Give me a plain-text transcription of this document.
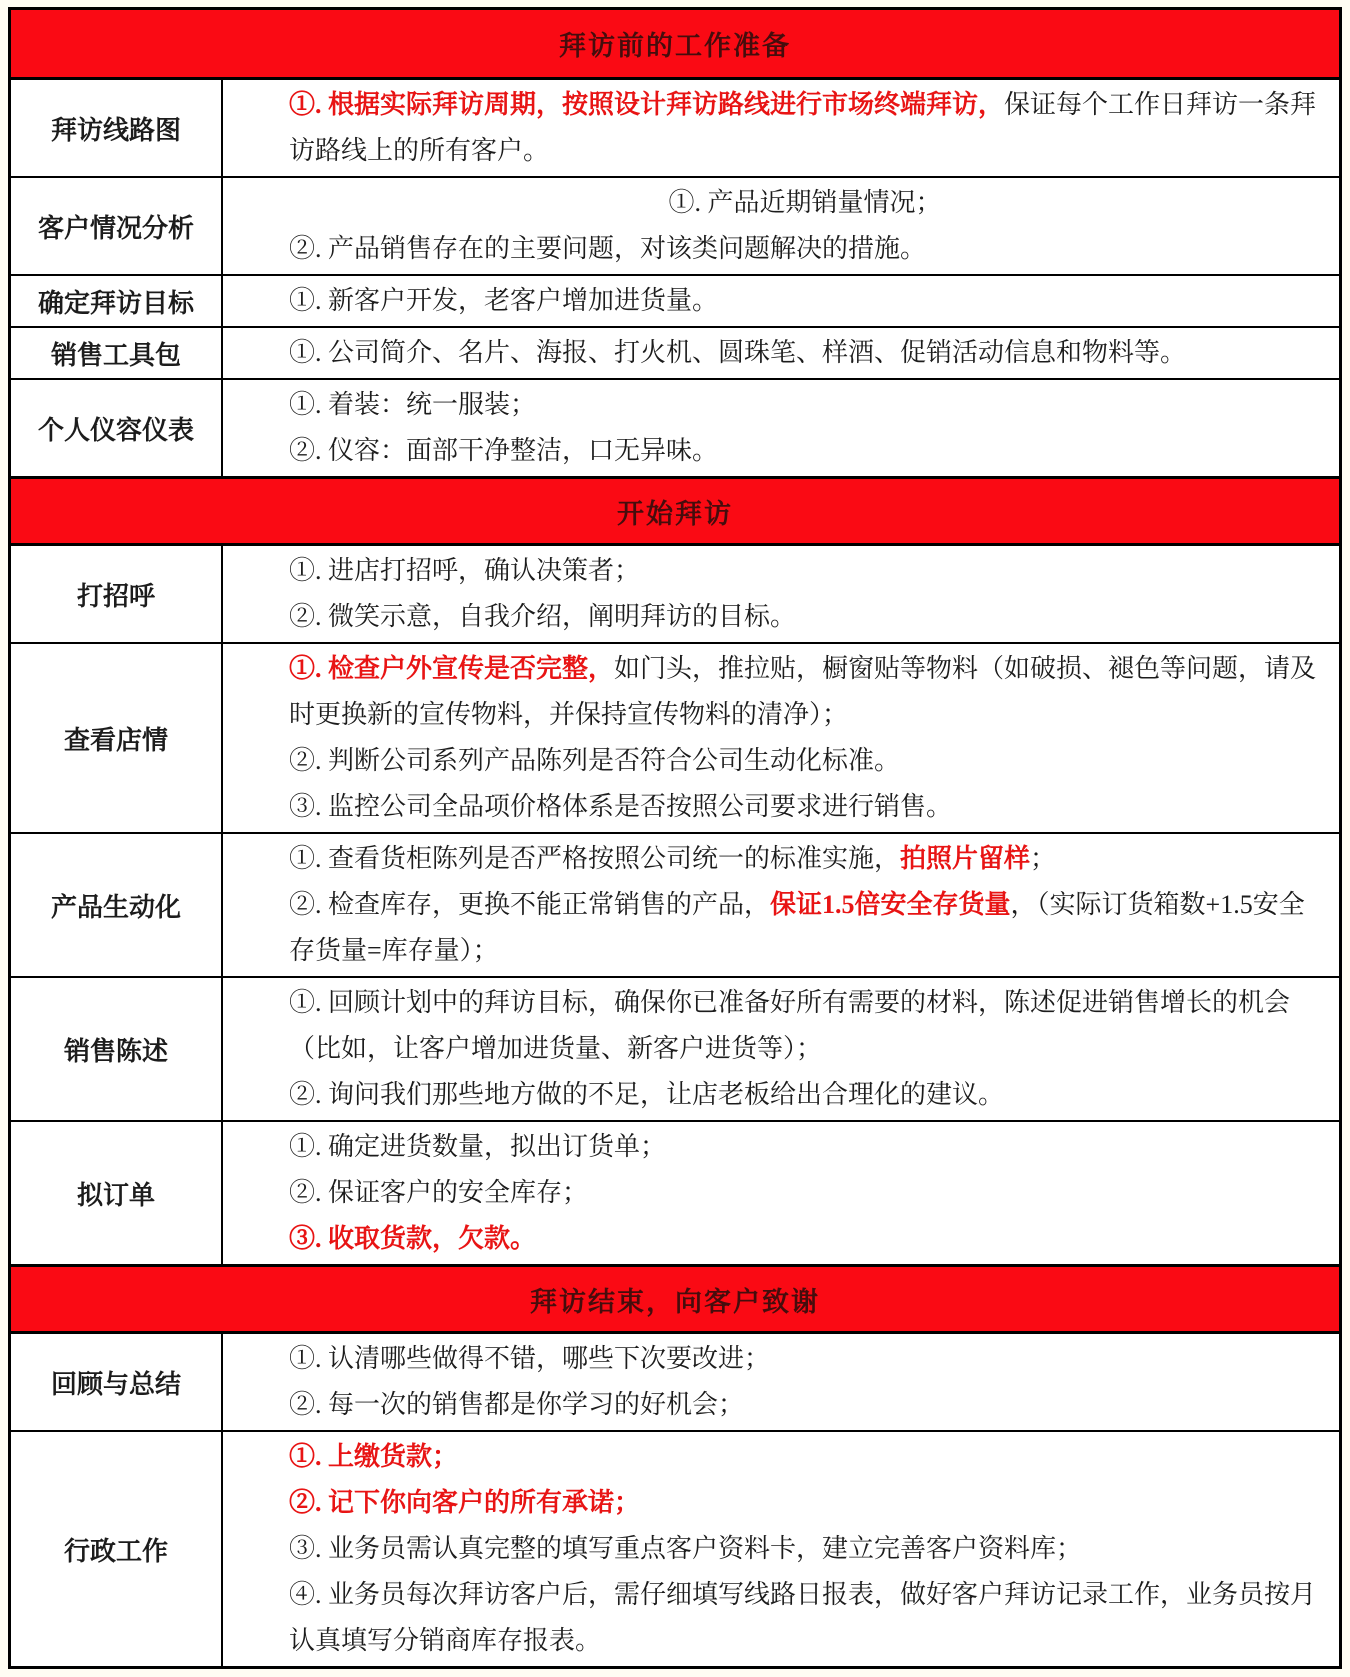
拜访前的工作准备
拜访线路图
①. 根据实际拜访周期，按照设计拜访路线进行市场终端拜访，保证每个工作日拜访一条拜访路线上的所有客户。
客户情况分析
①. 产品近期销量情况；
②. 产品销售存在的主要问题，对该类问题解决的措施。
确定拜访目标	①. 新客户开发，老客户增加进货量。
销售工具包	①. 公司简介、名片、海报、打火机、圆珠笔、样酒、促销活动信息和物料等。
个人仪容仪表
①. 着装：统一服装；
②. 仪容：面部干净整洁，口无异味。
开始拜访
打招呼
①. 进店打招呼，确认决策者；
②. 微笑示意，自我介绍，阐明拜访的目标。
查看店情
①. 检查户外宣传是否完整，如门头，推拉贴，橱窗贴等物料（如破损、褪色等问题，请及时更换新的宣传物料，并保持宣传物料的清净）；
②. 判断公司系列产品陈列是否符合公司生动化标准。
③. 监控公司全品项价格体系是否按照公司要求进行销售。
产品生动化
①. 查看货柜陈列是否严格按照公司统一的标准实施，拍照片留样；
②. 检查库存，更换不能正常销售的产品，保证1.5倍安全存货量，（实际订货箱数+1.5安全存货量=库存量）；
销售陈述
①. 回顾计划中的拜访目标，确保你已准备好所有需要的材料，陈述促进销售增长的机会（比如，让客户增加进货量、新客户进货等）；
②. 询问我们那些地方做的不足，让店老板给出合理化的建议。
拟订单
①. 确定进货数量，拟出订货单；
②. 保证客户的安全库存；
③. 收取货款，欠款。
拜访结束，向客户致谢
回顾与总结
①. 认清哪些做得不错，哪些下次要改进；
②. 每一次的销售都是你学习的好机会；
行政工作
①. 上缴货款；
②. 记下你向客户的所有承诺；
③. 业务员需认真完整的填写重点客户资料卡，建立完善客户资料库；
④. 业务员每次拜访客户后，需仔细填写线路日报表，做好客户拜访记录工作，业务员按月认真填写分销商库存报表。
